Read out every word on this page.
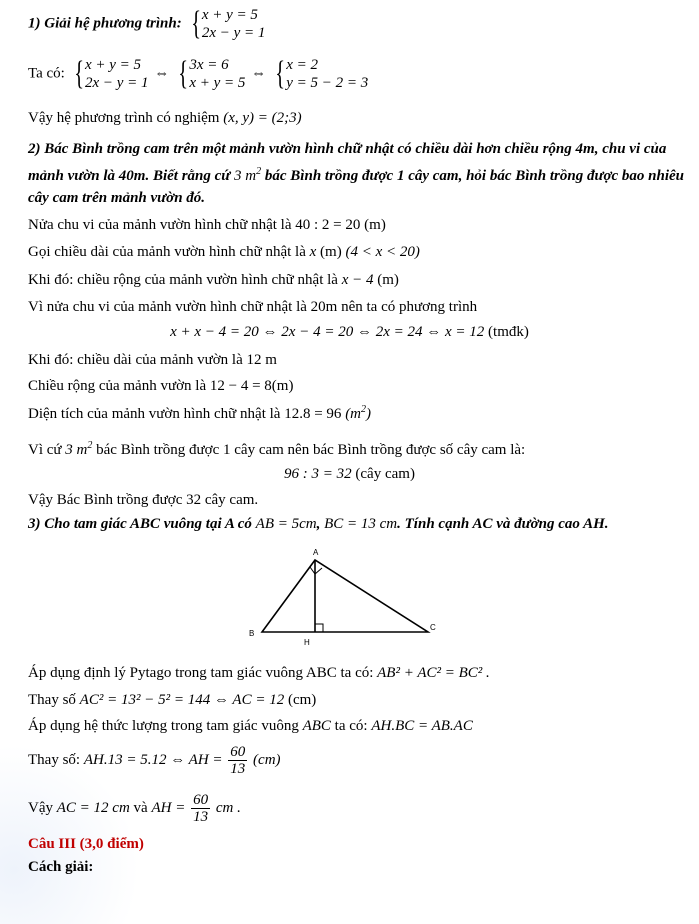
1) Giải hệ phương trình: { x + y = 5
2x − y = 1
Ta có: { x + y = 5
2x − y = 1
⇔ { 3x = 6
x + y = 5
⇔ { x = 2
y = 5 − 2 = 3
Vậy hệ phương trình có nghiệm (x, y) = (2;3)
2) Bác Bình trồng cam trên một mảnh vườn hình chữ nhật có chiều dài hơn chiều rộng 4m, chu vi của
mảnh vườn là 40m. Biết rằng cứ 3 $m^2$ bác Bình trồng được 1 cây cam, hỏi bác Bình trồng được bao nhiêu
cây cam trên mảnh vườn đó.
Nửa chu vi của mảnh vườn hình chữ nhật là 40 : 2 = 20 (m)
Gọi chiều dài của mảnh vườn hình chữ nhật là x (m) (4 < x < 20)
Khi đó: chiều rộng của mảnh vườn hình chữ nhật là x − 4 (m)
Vì nửa chu vi của mảnh vườn hình chữ nhật là 20m nên ta có phương trình
x + x − 4 = 20 ⇔ 2x − 4 = 20 ⇔ 2x = 24 ⇔ x = 12 (tmđk)
Khi đó: chiều dài của mảnh vườn là 12 m
Chiều rộng của mảnh vườn là 12 − 4 = 8(m)
Diện tích của mảnh vườn hình chữ nhật là 12.8 = 96 $(m^2)$
Vì cứ 3 $m^2$ bác Bình trồng được 1 cây cam nên bác Bình trồng được số cây cam là:
96 : 3 = 32 (cây cam)
Vậy Bác Bình trồng được 32 cây cam.
3) Cho tam giác ABC vuông tại A có AB = 5cm, BC = 13 cm. Tính cạnh AC và đường cao AH.
A
B
C
H
Áp dụng định lý Pytago trong tam giác vuông ABC ta có: AB² + AC² = BC² .
Thay số AC² = 13² − 5² = 144 ⇔ AC = 12 (cm)
Áp dụng hệ thức lượng trong tam giác vuông ABC ta có: AH.BC = AB.AC
Thay số: AH.13 = 5.12 ⇔ AH = $\frac{60}{13} (cm)$
Vậy AC = 12 cm và AH = $\frac{60}{13}$ cm .
Câu III (3,0 điểm)
Cách giải:
